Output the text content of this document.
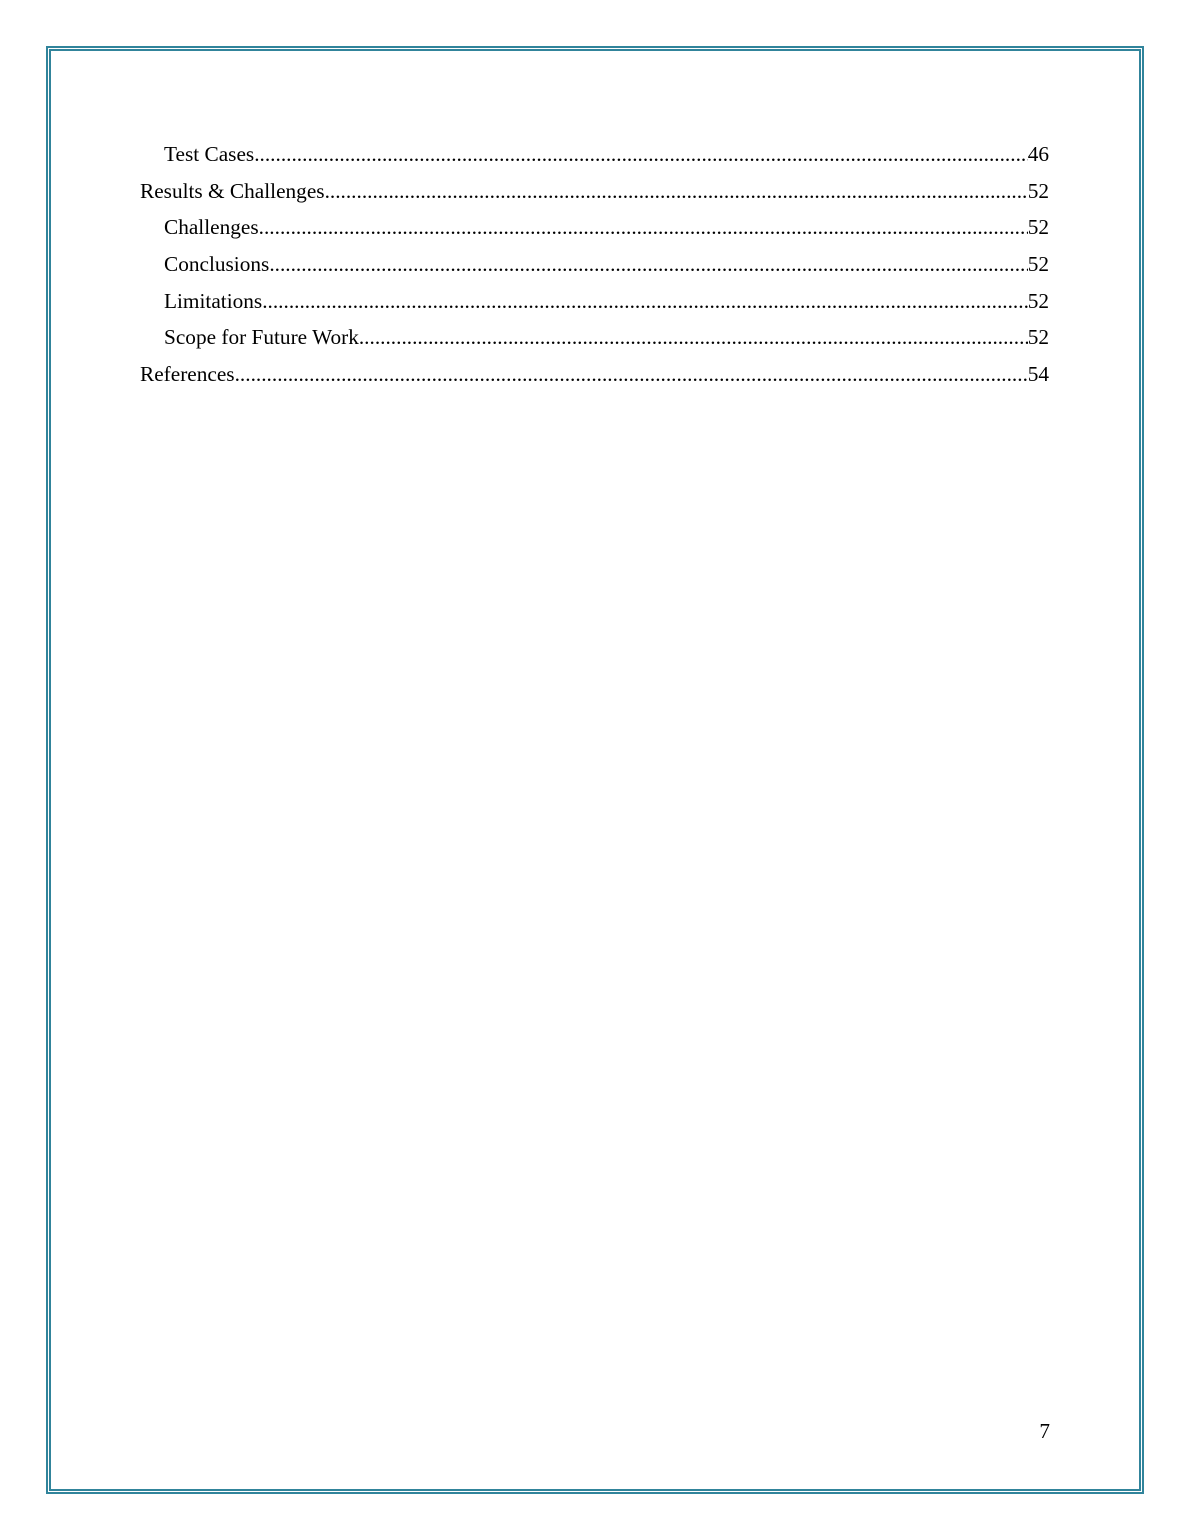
Test Cases .....	46
Results & Challenges .....	52
Challenges .....	52
Conclusions .....	52
Limitations .....	52
Scope for Future Work .....	52
References .....	54
7
